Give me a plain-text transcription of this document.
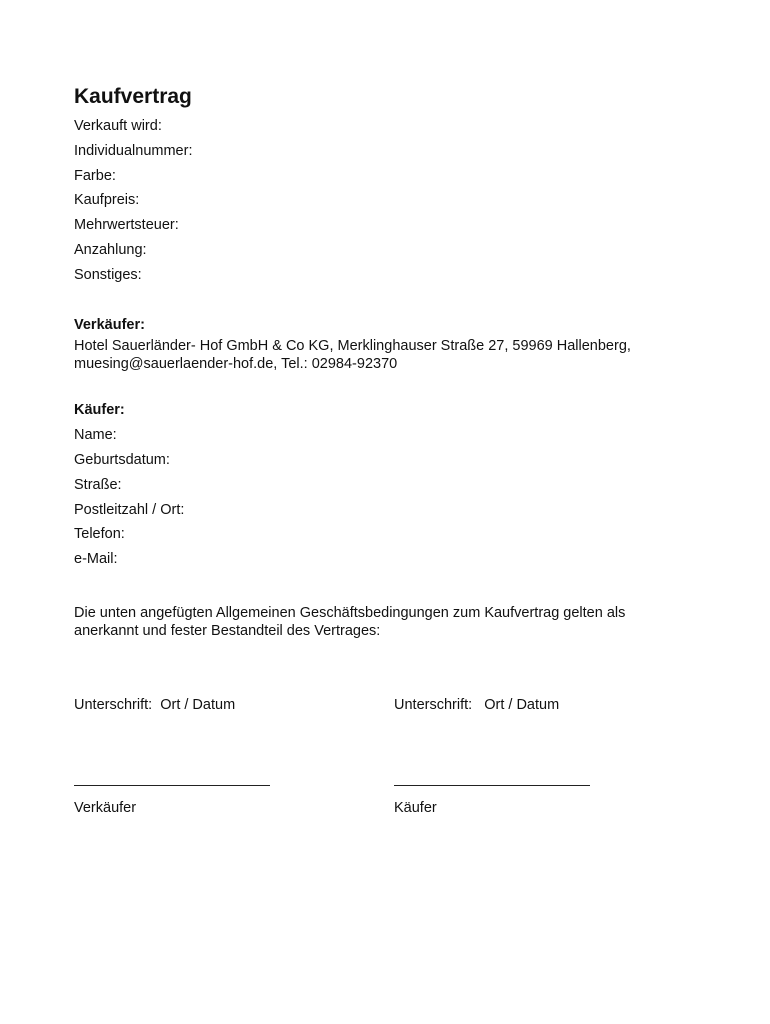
Kaufvertrag
Verkauft wird:
Individualnummer:
Farbe:
Kaufpreis:
Mehrwertsteuer:
Anzahlung:
Sonstiges:
Verkäufer:
Hotel Sauerländer- Hof GmbH & Co KG, Merklinghauser Straße 27, 59969 Hallenberg,
muesing@sauerlaender-hof.de, Tel.: 02984-92370
Käufer:
Name:
Geburtsdatum:
Straße:
Postleitzahl / Ort:
Telefon:
e-Mail:
Die unten angefügten Allgemeinen Geschäftsbedingungen zum Kaufvertrag gelten als
anerkannt und fester Bestandteil des Vertrages:
Unterschrift:  Ort / Datum	Unterschrift:   Ort / Datum
Verkäufer	Käufer
